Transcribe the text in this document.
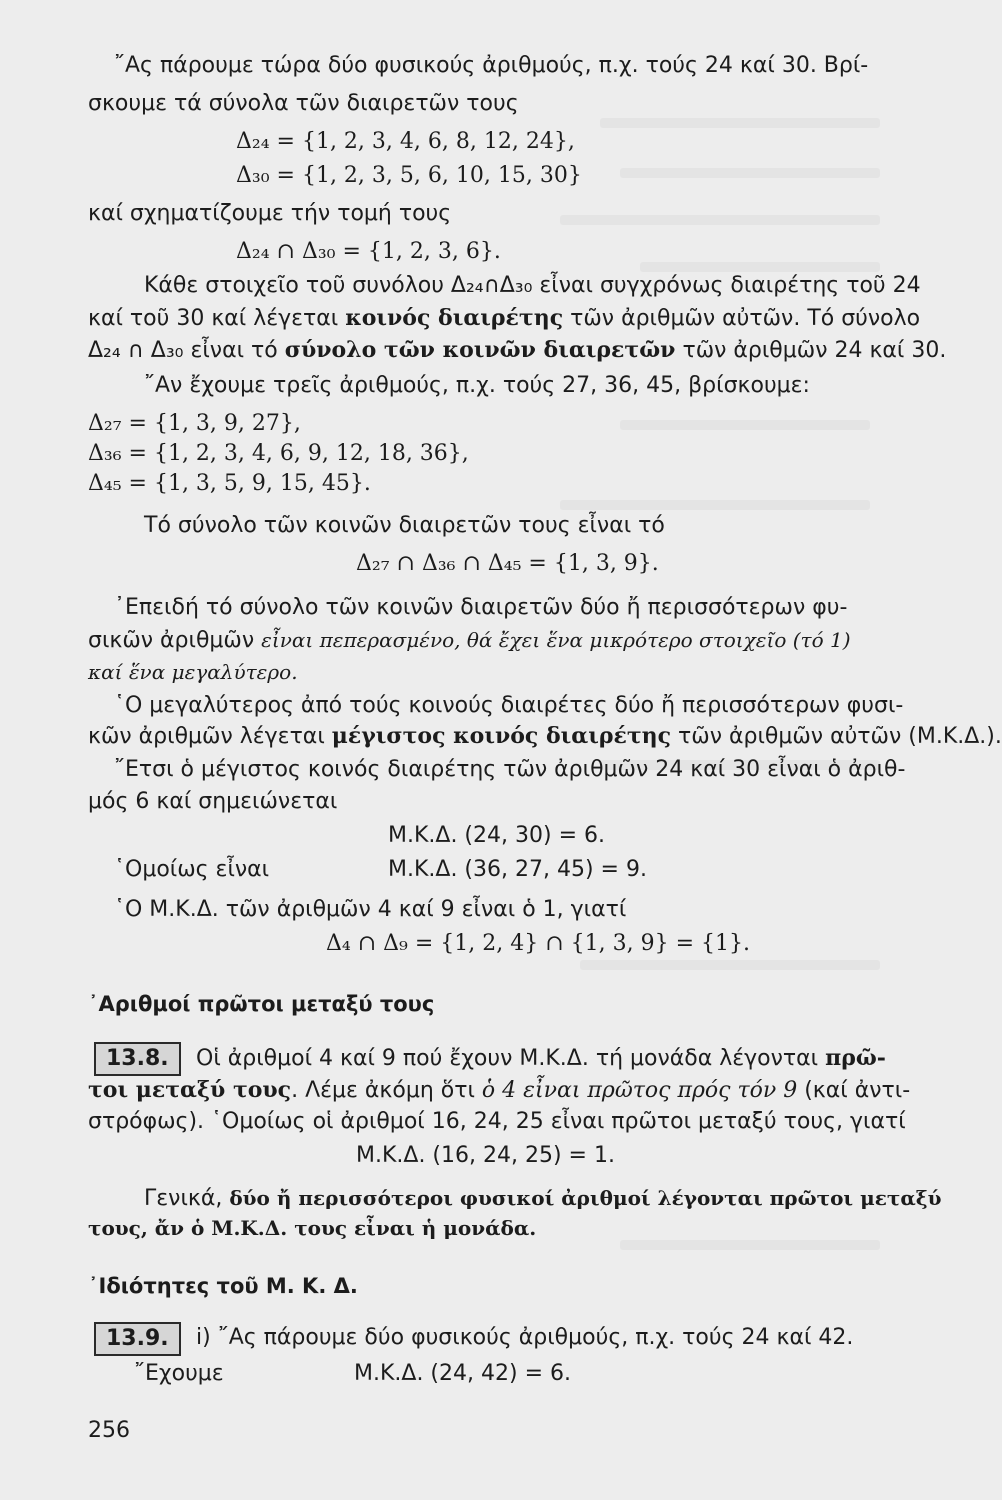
῎Ας πάρουμε τώρα δύο φυσικούς ἀριθμούς, π.χ. τούς 24 καί 30. Βρί-
σκουμε τά σύνολα τῶν διαιρετῶν τους
Δ₂₄ = {1, 2, 3, 4, 6, 8, 12, 24},
Δ₃₀ = {1, 2, 3, 5, 6, 10, 15, 30}
καί σχηματίζουμε τήν τομή τους
Δ₂₄ ∩ Δ₃₀ = {1, 2, 3, 6}.
Κάθε στοιχεῖο τοῦ συνόλου Δ₂₄∩Δ₃₀ εἶναι συγχρόνως διαιρέτης τοῦ 24
καί τοῦ 30 καί λέγεται κοινός διαιρέτης τῶν ἀριθμῶν αὐτῶν. Τό σύνολο
Δ₂₄ ∩ Δ₃₀ εἶναι τό σύνολο τῶν κοινῶν διαιρετῶν τῶν ἀριθμῶν 24 καί 30.
῎Αν ἔχουμε τρεῖς ἀριθμούς, π.χ. τούς 27, 36, 45, βρίσκουμε:
Δ₂₇ = {1, 3, 9, 27},
Δ₃₆ = {1, 2, 3, 4, 6, 9, 12, 18, 36},
Δ₄₅ = {1, 3, 5, 9, 15, 45}.
Τό σύνολο τῶν κοινῶν διαιρετῶν τους εἶναι τό
Δ₂₇ ∩ Δ₃₆ ∩ Δ₄₅ = {1, 3, 9}.
᾿Επειδή τό σύνολο τῶν κοινῶν διαιρετῶν δύο ἤ περισσότερων φυ-
σικῶν ἀριθμῶν εἶναι πεπερασμένο, θά ἔχει ἕνα μικρότερο στοιχεῖο (τό 1)
καί ἕνα μεγαλύτερο.
῾Ο μεγαλύτερος ἀπό τούς κοινούς διαιρέτες δύο ἤ περισσότερων φυσι-
κῶν ἀριθμῶν λέγεται μέγιστος κοινός διαιρέτης τῶν ἀριθμῶν αὐτῶν (Μ.Κ.Δ.).
῎Ετσι ὁ μέγιστος κοινός διαιρέτης τῶν ἀριθμῶν 24 καί 30 εἶναι ὁ ἀριθ-
μός 6 καί σημειώνεται
Μ.Κ.Δ. (24, 30) = 6.
῾Ομοίως εἶναι	Μ.Κ.Δ. (36, 27, 45) = 9.
῾Ο Μ.Κ.Δ. τῶν ἀριθμῶν 4 καί 9 εἶναι ὁ 1, γιατί
Δ₄ ∩ Δ₉ = {1, 2, 4} ∩ {1, 3, 9} = {1}.
᾿Αριθμοί πρῶτοι μεταξύ τους
13.8.	Οἱ ἀριθμοί 4 καί 9 πού ἔχουν Μ.Κ.Δ. τή μονάδα λέγονται πρῶ-
τοι μεταξύ τους. Λέμε ἀκόμη ὅτι ὁ 4 εἶναι πρῶτος πρός τόν 9 (καί ἀντι-
στρόφως). ῾Ομοίως οἱ ἀριθμοί 16, 24, 25 εἶναι πρῶτοι μεταξύ τους, γιατί
Μ.Κ.Δ. (16, 24, 25) = 1.
Γενικά, δύο ἤ περισσότεροι φυσικοί ἀριθμοί λέγονται πρῶτοι μεταξύ
τους, ἄν ὁ Μ.Κ.Δ. τους εἶναι ἡ μονάδα.
᾿Ιδιότητες τοῦ Μ. Κ. Δ.
13.9.	i) ῎Ας πάρουμε δύο φυσικούς ἀριθμούς, π.χ. τούς 24 καί 42.
῎Εχουμε	Μ.Κ.Δ. (24, 42) = 6.
256
